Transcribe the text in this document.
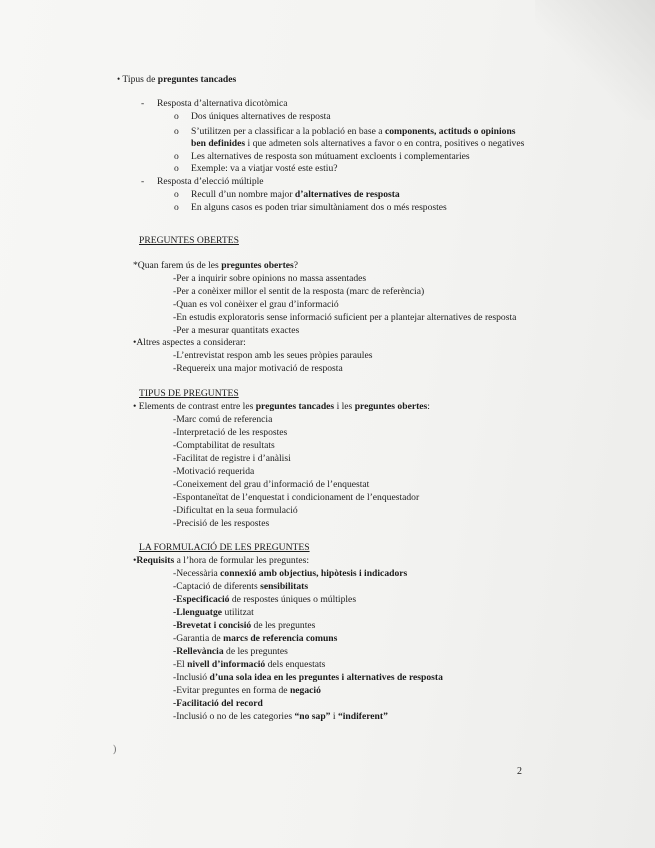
• Tipus de preguntes tancades
- Resposta d’alternativa dicotòmica
o Dos úniques alternatives de resposta
o S’utilitzen per a classificar a la població en base a components, actituds o opinions
ben definides i que admeten sols alternatives a favor o en contra, positives o negatives
o Les alternatives de resposta son mútuament excloents i complementaries
o Exemple: va a viatjar vosté este estiu?
- Resposta d’elecció múltiple
o Recull d’un nombre major d’alternatives de resposta
o En alguns casos es poden triar simultàniament dos o més respostes
PREGUNTES OBERTES
*Quan farem ús de les preguntes obertes?
-Per a inquirir sobre opinions no massa assentades
-Per a conèixer millor el sentit de la resposta (marc de referència)
-Quan es vol conèixer el grau d’informació
-En estudis exploratoris sense informació suficient per a plantejar alternatives de resposta
-Per a mesurar quantitats exactes
•Altres aspectes a considerar:
-L’entrevistat respon amb les seues pròpies paraules
-Requereix una major motivació de resposta
TIPUS DE PREGUNTES
• Elements de contrast entre les preguntes tancades i les preguntes obertes:
-Marc comú de referencia
-Interpretació de les respostes
-Comptabilitat de resultats
-Facilitat de registre i d’anàlisi
-Motivació requerida
-Coneixement del grau d’informació de l’enquestat
-Espontaneïtat de l’enquestat i condicionament de l’enquestador
-Dificultat en la seua formulació
-Precisió de les respostes
LA FORMULACIÓ DE LES PREGUNTES
•Requisits a l’hora de formular les preguntes:
-Necessària connexió amb objectius, hipòtesis i indicadors
-Captació de diferents sensibilitats
-Especificació de respostes úniques o múltiples
-Llenguatge utilitzat
-Brevetat i concisió de les preguntes
-Garantia de marcs de referencia comuns
-Rellevància de les preguntes
-El nivell d’informació dels enquestats
-Inclusió d’una sola idea en les preguntes i alternatives de resposta
-Evitar preguntes en forma de negació
-Facilitació del record
-Inclusió o no de les categories “no sap” i “indiferent”
)
2
